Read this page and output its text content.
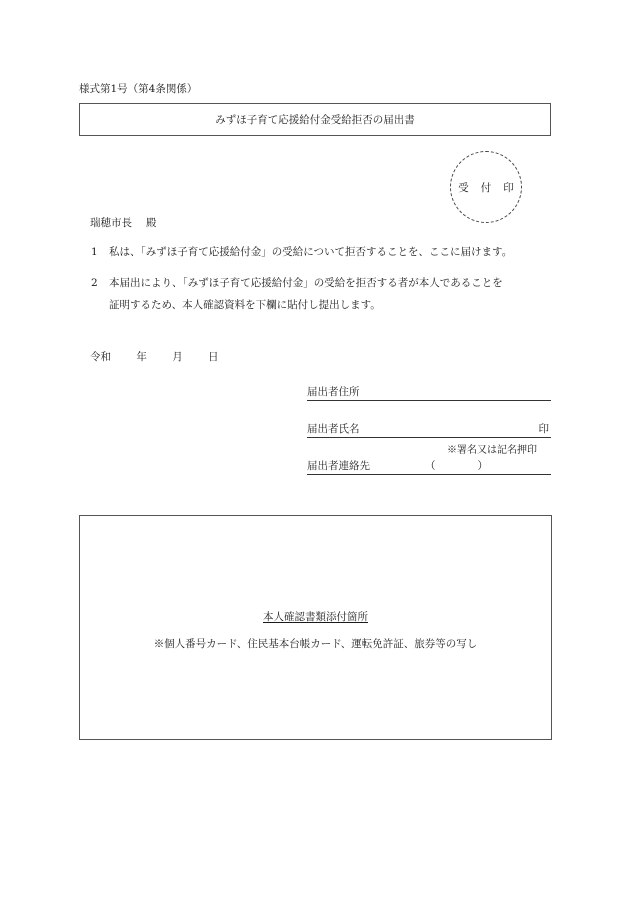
様式第1号（第4条関係）
みずほ子育て応援給付金受給拒否の届出書
受 付 印
瑞穂市長 殿
1 私は、「みずほ子育て応援給付金」の受給について拒否することを、ここに届けます。
2 本届出により、「みずほ子育て応援給付金」の受給を拒否する者が本人であることを
証明するため、本人確認資料を下欄に貼付し提出します。
令和 年 月 日
届出者住所
届出者氏名	印
※署名又は記名押印
届出者連絡先	（　　　　）
本人確認書類添付箇所
※個人番号カード、住民基本台帳カード、運転免許証、旅券等の写し
